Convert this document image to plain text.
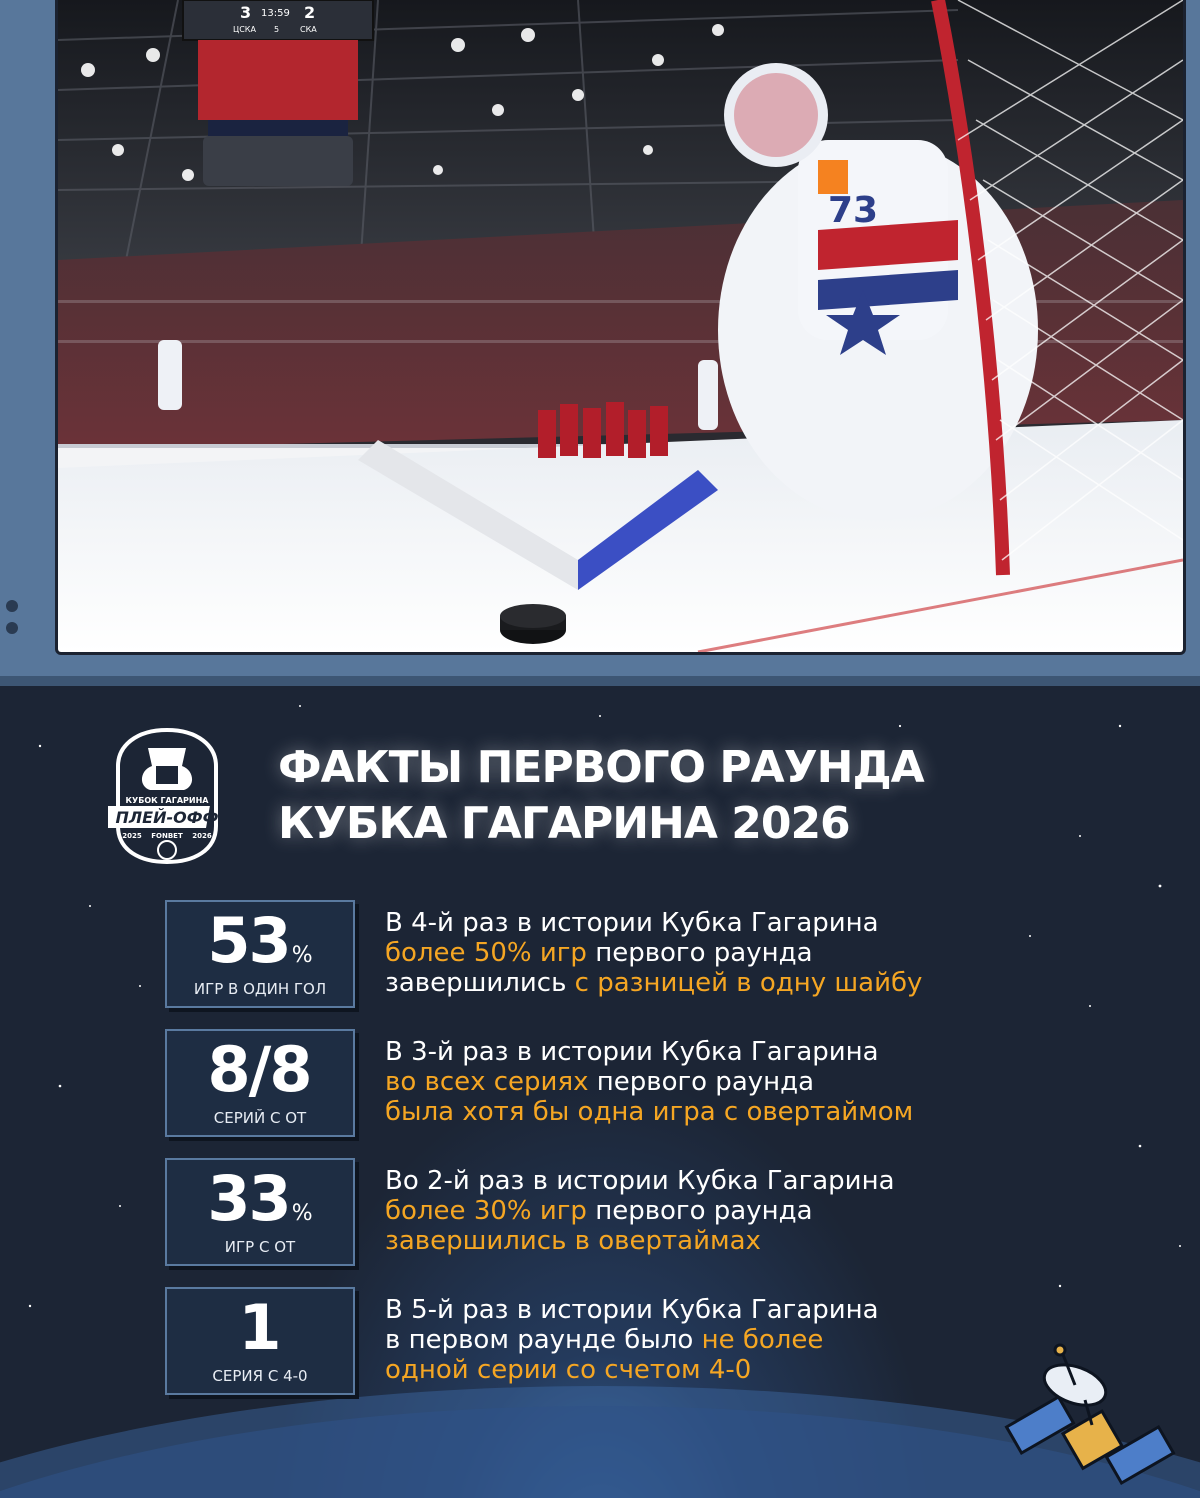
3 13:59 2
ЦСКА 5	СКА
73
КУБОК ГАГАРИНА
ПЛЕЙ-ОФФ
2025 FONBET 2026
ФАКТЫ ПЕРВОГО РАУНДА
КУБКА ГАГАРИНА 2026
53%
ИГР В ОДИН ГОЛ
В 4-й раз в истории Кубка Гагарина
более 50% игр первого раунда
завершились с разницей в одну шайбу
8/8
СЕРИЙ С ОТ
В 3-й раз в истории Кубка Гагарина
во всех сериях первого раунда
была хотя бы одна игра с овертаймом
33%
ИГР С ОТ
Во 2-й раз в истории Кубка Гагарина
более 30% игр первого раунда
завершились в овертаймах
1
СЕРИЯ С 4-0
В 5-й раз в истории Кубка Гагарина
в первом раунде было не более
одной серии со счетом 4-0
